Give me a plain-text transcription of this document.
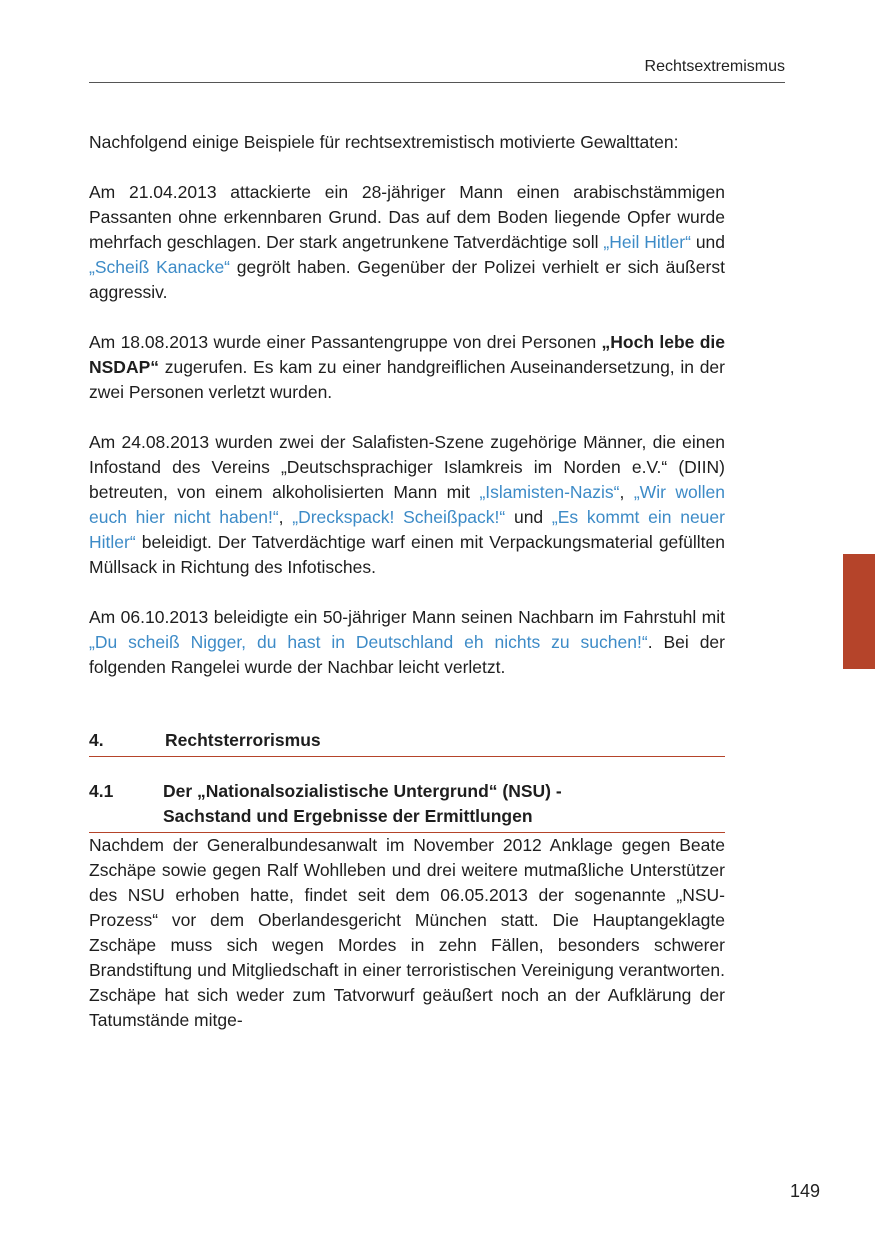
Rechtsextremismus

Nachfolgend einige Beispiele für rechtsextremistisch motivierte Gewalttaten:

Am 21.04.2013 attackierte ein 28-jähriger Mann einen arabischstämmigen Passanten ohne erkennbaren Grund. Das auf dem Boden liegende Opfer wurde mehrfach geschlagen. Der stark angetrunkene Tatverdächtige soll „Heil Hitler“ und „Scheiß Kanacke“ gegrölt haben. Gegenüber der Polizei verhielt er sich äußerst aggressiv.

Am 18.08.2013 wurde einer Passantengruppe von drei Personen „Hoch lebe die NSDAP“ zugerufen. Es kam zu einer handgreiflichen Auseinandersetzung, in der zwei Personen verletzt wurden.

Am 24.08.2013 wurden zwei der Salafisten-Szene zugehörige Männer, die einen Infostand des Vereins „Deutschsprachiger Islamkreis im Norden e.V.“ (DIIN) betreuten, von einem alkoholisierten Mann mit „Islamisten-Nazis“, „Wir wollen euch hier nicht haben!“, „Dreckspack! Scheißpack!“ und „Es kommt ein neuer Hitler“ beleidigt. Der Tatverdächtige warf einen mit Verpackungsmaterial gefüllten Müllsack in Richtung des Infotisches.

Am 06.10.2013 beleidigte ein 50-jähriger Mann seinen Nachbarn im Fahrstuhl mit „Du scheiß Nigger, du hast in Deutschland eh nichts zu suchen!“. Bei der folgenden Rangelei wurde der Nachbar leicht verletzt.

4.	Rechtsterrorismus
4.1	Der „Nationalsozialistische Untergrund“ (NSU) -
Sachstand und Ergebnisse der Ermittlungen

Nachdem der Generalbundesanwalt im November 2012 Anklage gegen Beate Zschäpe sowie gegen Ralf Wohlleben und drei weitere mutmaßliche Unterstützer des NSU erhoben hatte, findet seit dem 06.05.2013 der sogenannte „NSU-Prozess“ vor dem Oberlandesgericht München statt. Die Hauptangeklagte Zschäpe muss sich wegen Mordes in zehn Fällen, besonders schwerer Brandstiftung und Mitgliedschaft in einer terroristischen Vereinigung verantworten. Zschäpe hat sich weder zum Tatvorwurf geäußert noch an der Aufklärung der Tatumstände mitge-

149
